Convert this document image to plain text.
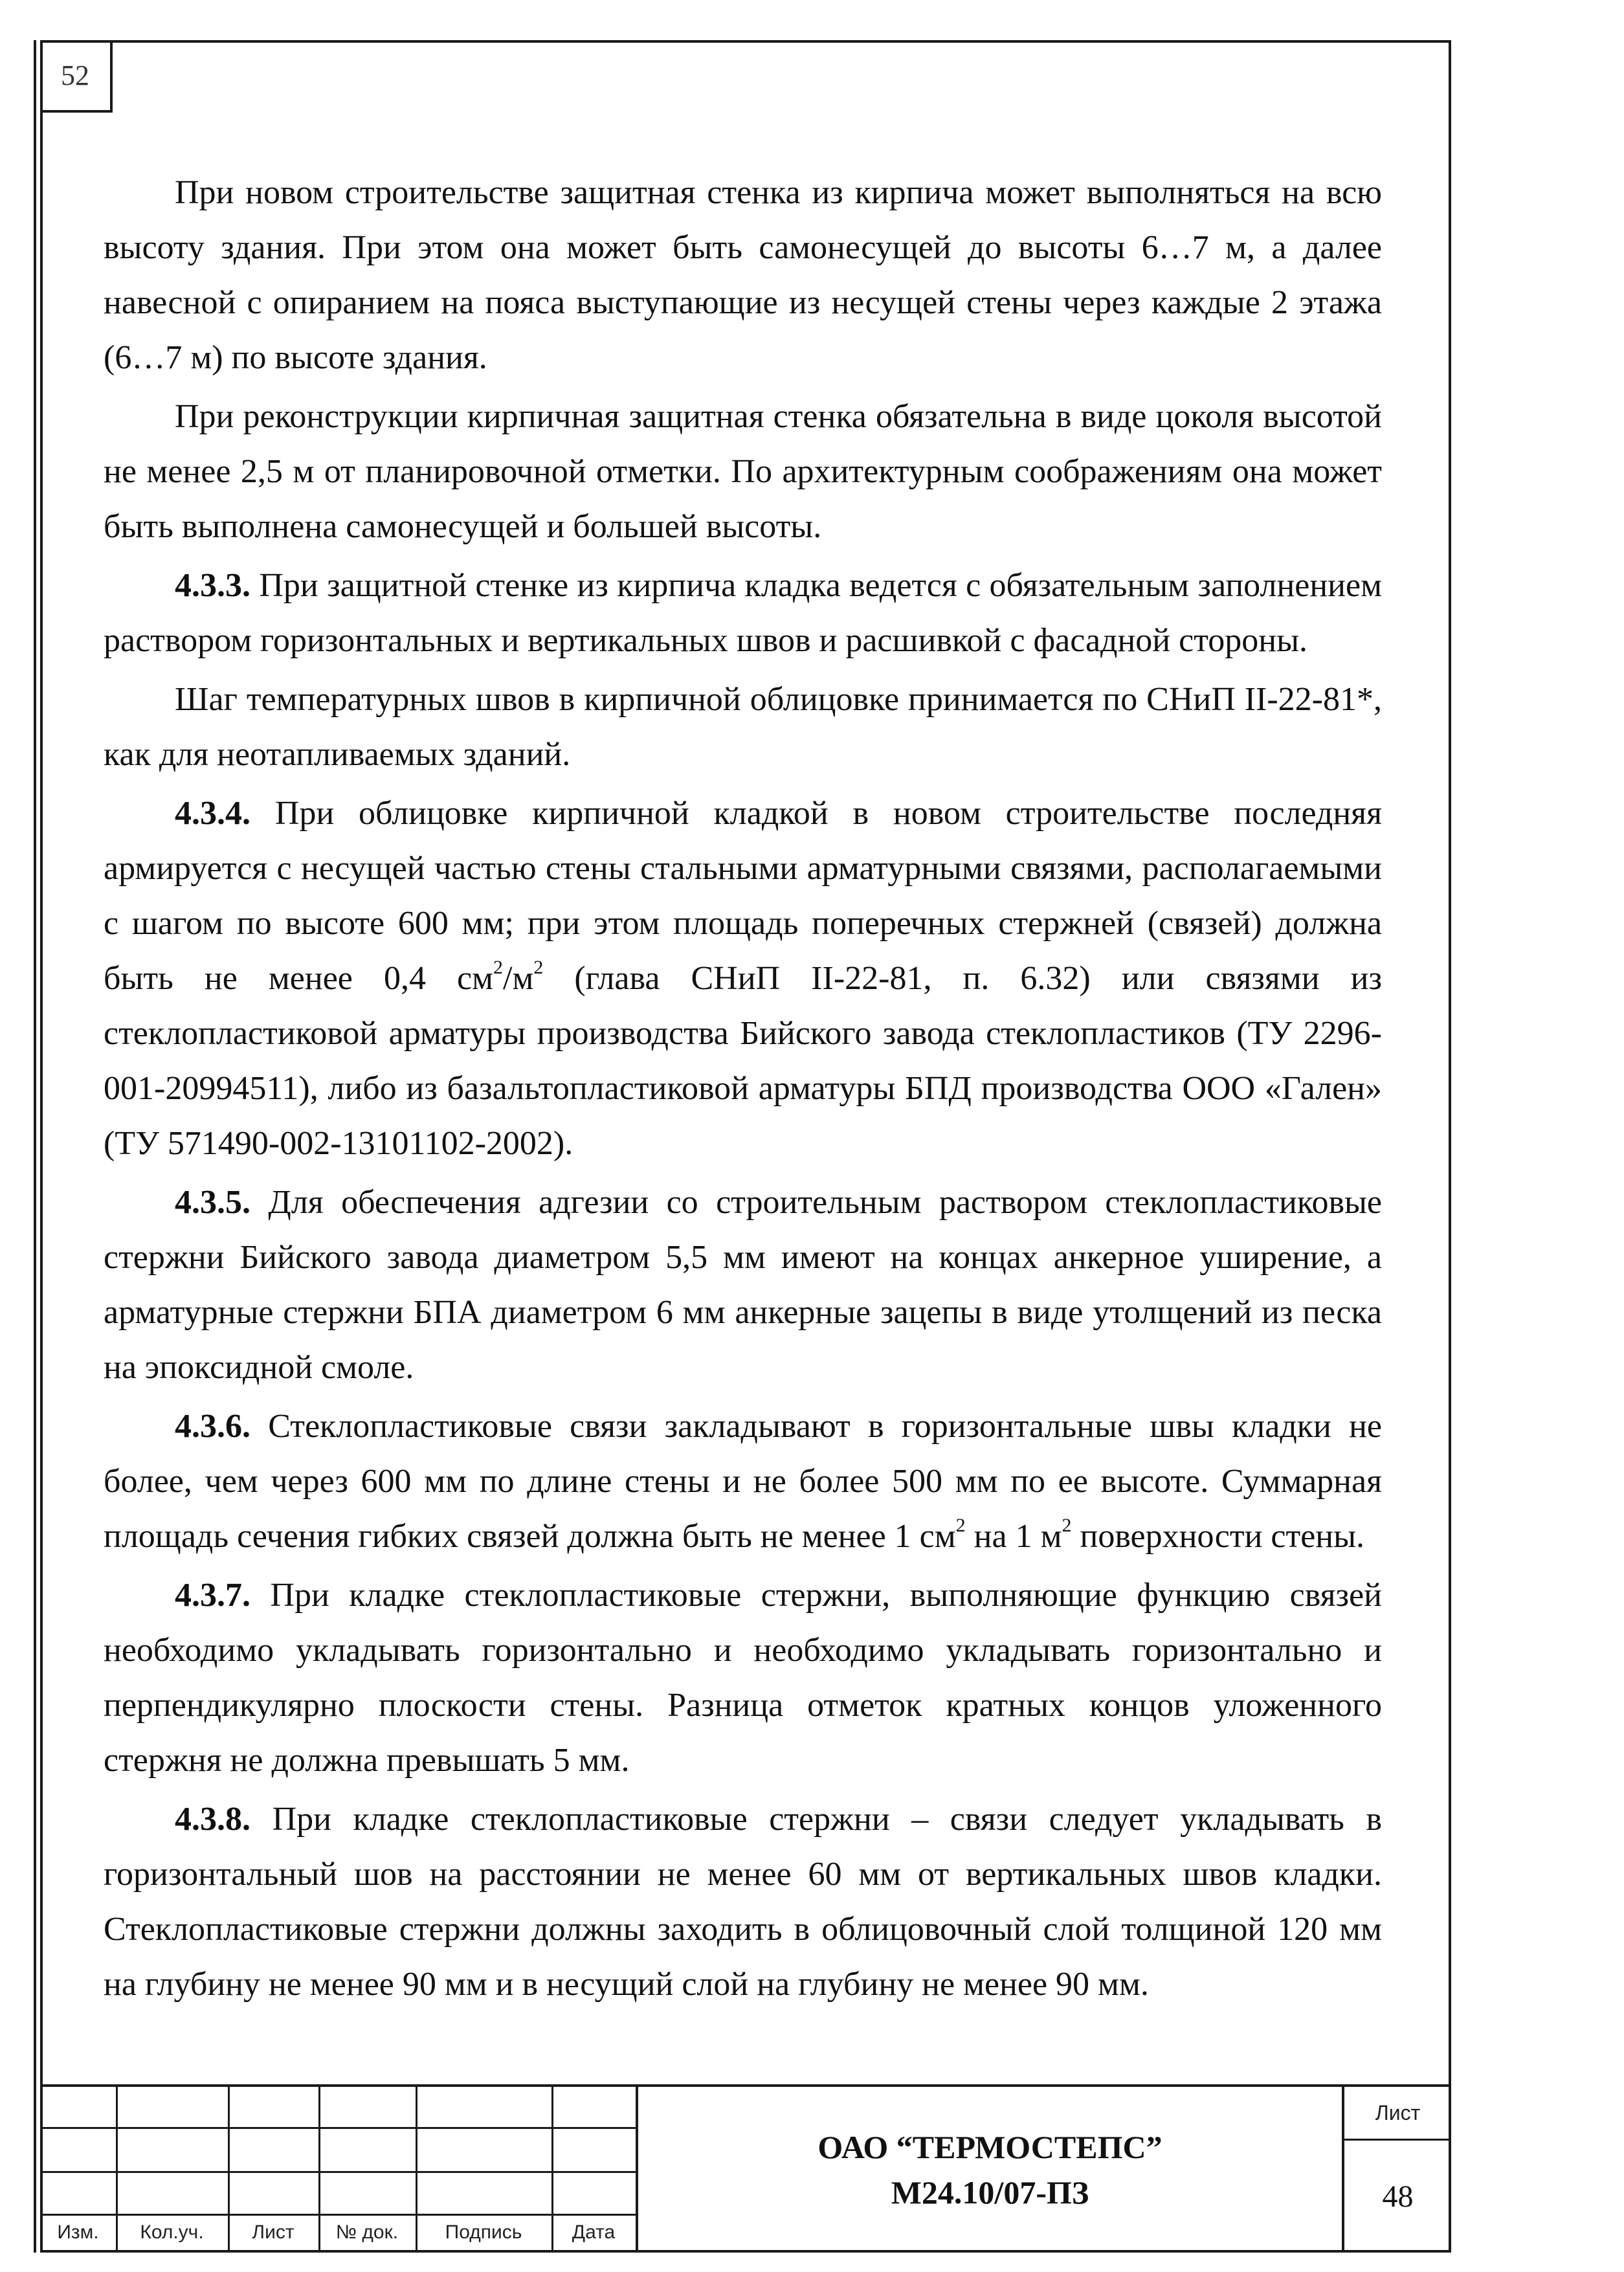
52

При новом строительстве защитная стенка из кирпича может выполняться на всю высоту здания. При этом она может быть самонесущей до высоты 6…7 м, а далее навесной с опиранием на пояса выступающие из несущей стены через каждые 2 этажа (6…7 м) по высоте здания.

При реконструкции кирпичная защитная стенка обязательна в виде цоколя высотой не менее 2,5 м от планировочной отметки. По архитектурным соображениям она может быть выполнена самонесущей и большей высоты.

4.3.3. При защитной стенке из кирпича кладка ведется с обязательным заполнением раствором горизонтальных и вертикальных швов и расшивкой с фасадной стороны.

Шаг температурных швов в кирпичной облицовке принимается по СНиП II-22-81*, как для неотапливаемых зданий.

4.3.4. При облицовке кирпичной кладкой в новом строительстве последняя армируется с несущей частью стены стальными арматурными связями, располагаемыми с шагом по высоте 600 мм; при этом площадь поперечных стержней (связей) должна быть не менее 0,4 $см^2/м^2$ (глава СНиП II-22-81, п. 6.32) или связями из стеклопластиковой арматуры производства Бийского завода стеклопластиков (ТУ 2296-001-20994511), либо из базальтопластиковой арматуры БПД производства ООО «Гален» (ТУ 571490-002-13101102-2002).

4.3.5. Для обеспечения адгезии со строительным раствором стеклопластиковые стержни Бийского завода диаметром 5,5 мм имеют на концах анкерное уширение, а арматурные стержни БПА диаметром 6 мм анкерные зацепы в виде утолщений из песка на эпоксидной смоле.

4.3.6. Стеклопластиковые связи закладывают в горизонтальные швы кладки не более, чем через 600 мм по длине стены и не более 500 мм по ее высоте. Суммарная площадь сечения гибких связей должна быть не менее 1 $см^2$ на 1 $м^2$ поверхности стены.

4.3.7. При кладке стеклопластиковые стержни, выполняющие функцию связей необходимо укладывать горизонтально и необходимо укладывать горизонтально и перпендикулярно плоскости стены. Разница отметок кратных концов уложенного стержня не должна превышать 5 мм.

4.3.8. При кладке стеклопластиковые стержни – связи следует укладывать в горизонтальный шов на расстоянии не менее 60 мм от вертикальных швов кладки. Стеклопластиковые стержни должны заходить в облицовочный слой толщиной 120 мм на глубину не менее 90 мм и в несущий слой на глубину не менее 90 мм.

Изм.	Кол.уч.	Лист	№ док.	Подпись	Дата
ОАО “ТЕРМОСТЕПС”
М24.10/07-ПЗ
Лист
48
